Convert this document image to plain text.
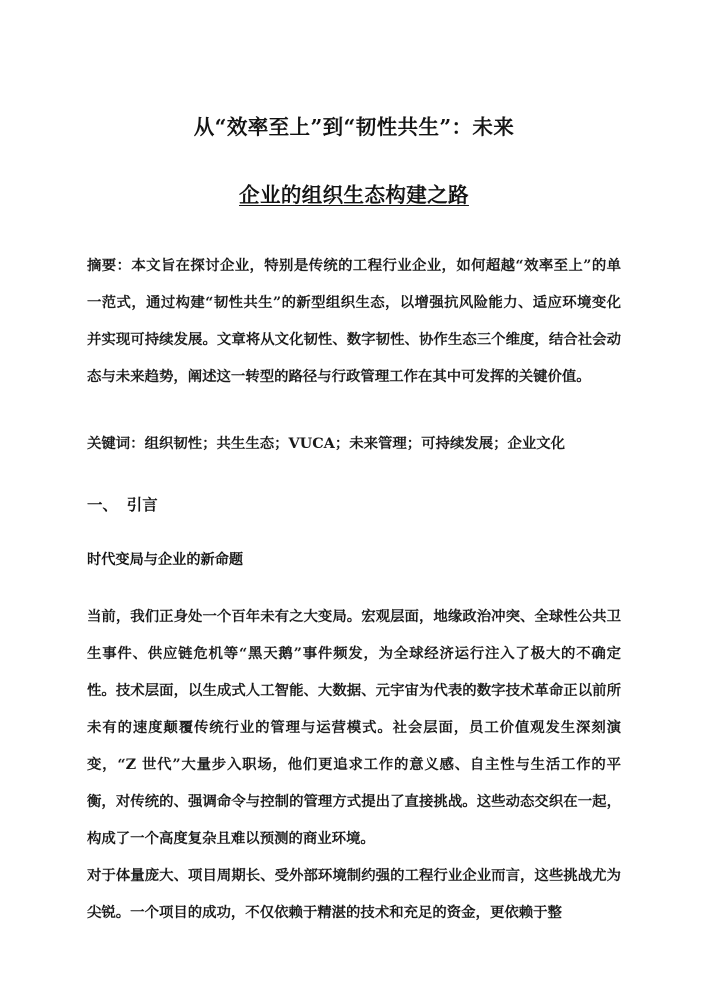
从“效率至上”到“韧性共生”：未来
企业的组织生态构建之路
摘要：本文旨在探讨企业，特别是传统的工程行业企业，如何超越“效率至上”的单一范式，通过构建“韧性共生”的新型组织生态，以增强抗风险能力、适应环境变化并实现可持续发展。文章将从文化韧性、数字韧性、协作生态三个维度，结合社会动态与未来趋势，阐述这一转型的路径与行政管理工作在其中可发挥的关键价值。
关键词：组织韧性；共生生态；VUCA；未来管理；可持续发展；企业文化
一、 引言
时代变局与企业的新命题
当前，我们正身处一个百年未有之大变局。宏观层面，地缘政治冲突、全球性公共卫生事件、供应链危机等“黑天鹅”事件频发，为全球经济运行注入了极大的不确定性。技术层面，以生成式人工智能、大数据、元宇宙为代表的数字技术革命正以前所未有的速度颠覆传统行业的管理与运营模式。社会层面，员工价值观发生深刻演变，“Z 世代”大量步入职场，他们更追求工作的意义感、自主性与生活工作的平衡，对传统的、强调命令与控制的管理方式提出了直接挑战。这些动态交织在一起，构成了一个高度复杂且难以预测的商业环境。
对于体量庞大、项目周期长、受外部环境制约强的工程行业企业而言，这些挑战尤为尖锐。一个项目的成功，不仅依赖于精湛的技术和充足的资金，更依赖于整
